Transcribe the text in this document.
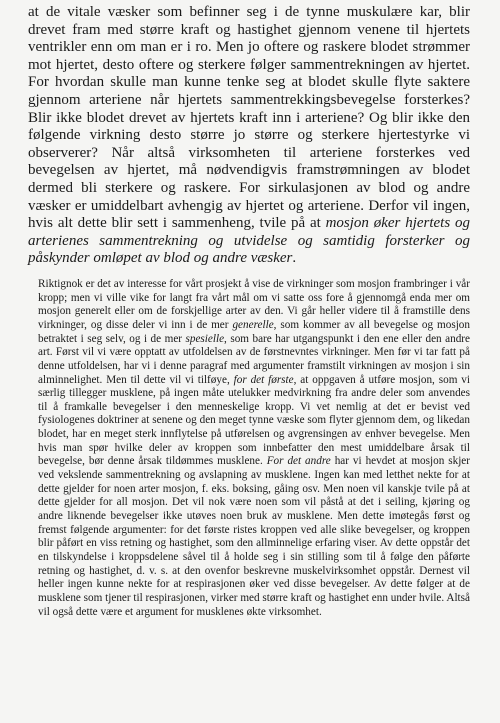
at de vitale væsker som befinner seg i de tynne muskulære kar, blir drevet fram med større kraft og hastighet gjennom venene til hjertets ventrikler enn om man er i ro. Men jo oftere og raskere blodet strømmer mot hjertet, desto oftere og sterkere følger sammentrekningen av hjertet. For hvordan skulle man kunne tenke seg at blodet skulle flyte saktere gjennom arteriene når hjertets sammentrekkingsbevegelse forsterkes? Blir ikke blodet drevet av hjertets kraft inn i arteriene? Og blir ikke den følgende virkning desto større jo større og sterkere hjertestyrke vi observerer? Når altså virksomheten til arteriene forsterkes ved bevegelsen av hjertet, må nødvendigvis framstrømningen av blodet dermed bli sterkere og raskere. For sirkulasjonen av blod og andre væsker er umiddelbart avhengig av hjertet og arteriene. Derfor vil ingen, hvis alt dette blir sett i sammenheng, tvile på at mosjon øker hjertets og arterienes sammentrekning og utvidelse og samtidig forsterker og påskynder omløpet av blod og andre væsker.

Riktignok er det av interesse for vårt prosjekt å vise de virkninger som mosjon frambringer i vår kropp; men vi ville vike for langt fra vårt mål om vi satte oss fore å gjennomgå enda mer om mosjon generelt eller om de forskjellige arter av den. Vi går heller videre til å framstille dens virkninger, og disse deler vi inn i de mer generelle, som kommer av all bevegelse og mosjon betraktet i seg selv, og i de mer spesielle, som bare har utgangspunkt i den ene eller den andre art. Først vil vi være opptatt av utfoldelsen av de førstnevntes virkninger. Men før vi tar fatt på denne utfoldelsen, har vi i denne paragraf med argumenter framstilt virkningen av mosjon i sin alminnelighet. Men til dette vil vi tilføye, for det første, at oppgaven å utføre mosjon, som vi særlig tillegger musklene, på ingen måte utelukker medvirkning fra andre deler som anvendes til å framkalle bevegelser i den menneskelige kropp. Vi vet nemlig at det er bevist ved fysiologenes doktriner at senene og den meget tynne væske som flyter gjennom dem, og likedan blodet, har en meget sterk innflytelse på utførelsen og avgrensingen av enhver bevegelse. Men hvis man spør hvilke deler av kroppen som innbefatter den mest umiddelbare årsak til bevegelse, bør denne årsak tildømmes musklene. For det andre har vi hevdet at mosjon skjer ved vekslende sammentrekning og avslapning av musklene. Ingen kan med letthet nekte for at dette gjelder for noen arter mosjon, f. eks. boksing, gåing osv. Men noen vil kanskje tvile på at dette gjelder for all mosjon. Det vil nok være noen som vil påstå at det i seiling, kjøring og andre liknende bevegelser ikke utøves noen bruk av musklene. Men dette imøtegås først og fremst følgende argumenter: for det første ristes kroppen ved alle slike bevegelser, og kroppen blir påført en viss retning og hastighet, som den allminnelige erfaring viser. Av dette oppstår det en tilskyndelse i kroppsdelene såvel til å holde seg i sin stilling som til å følge den påførte retning og hastighet, d. v. s. at den ovenfor beskrevne muskelvirksomhet oppstår. Dernest vil heller ingen kunne nekte for at respirasjonen øker ved disse bevegelser. Av dette følger at de musklene som tjener til respirasjonen, virker med større kraft og hastighet enn under hvile. Altså vil også dette være et argument for musklenes økte virksomhet.
